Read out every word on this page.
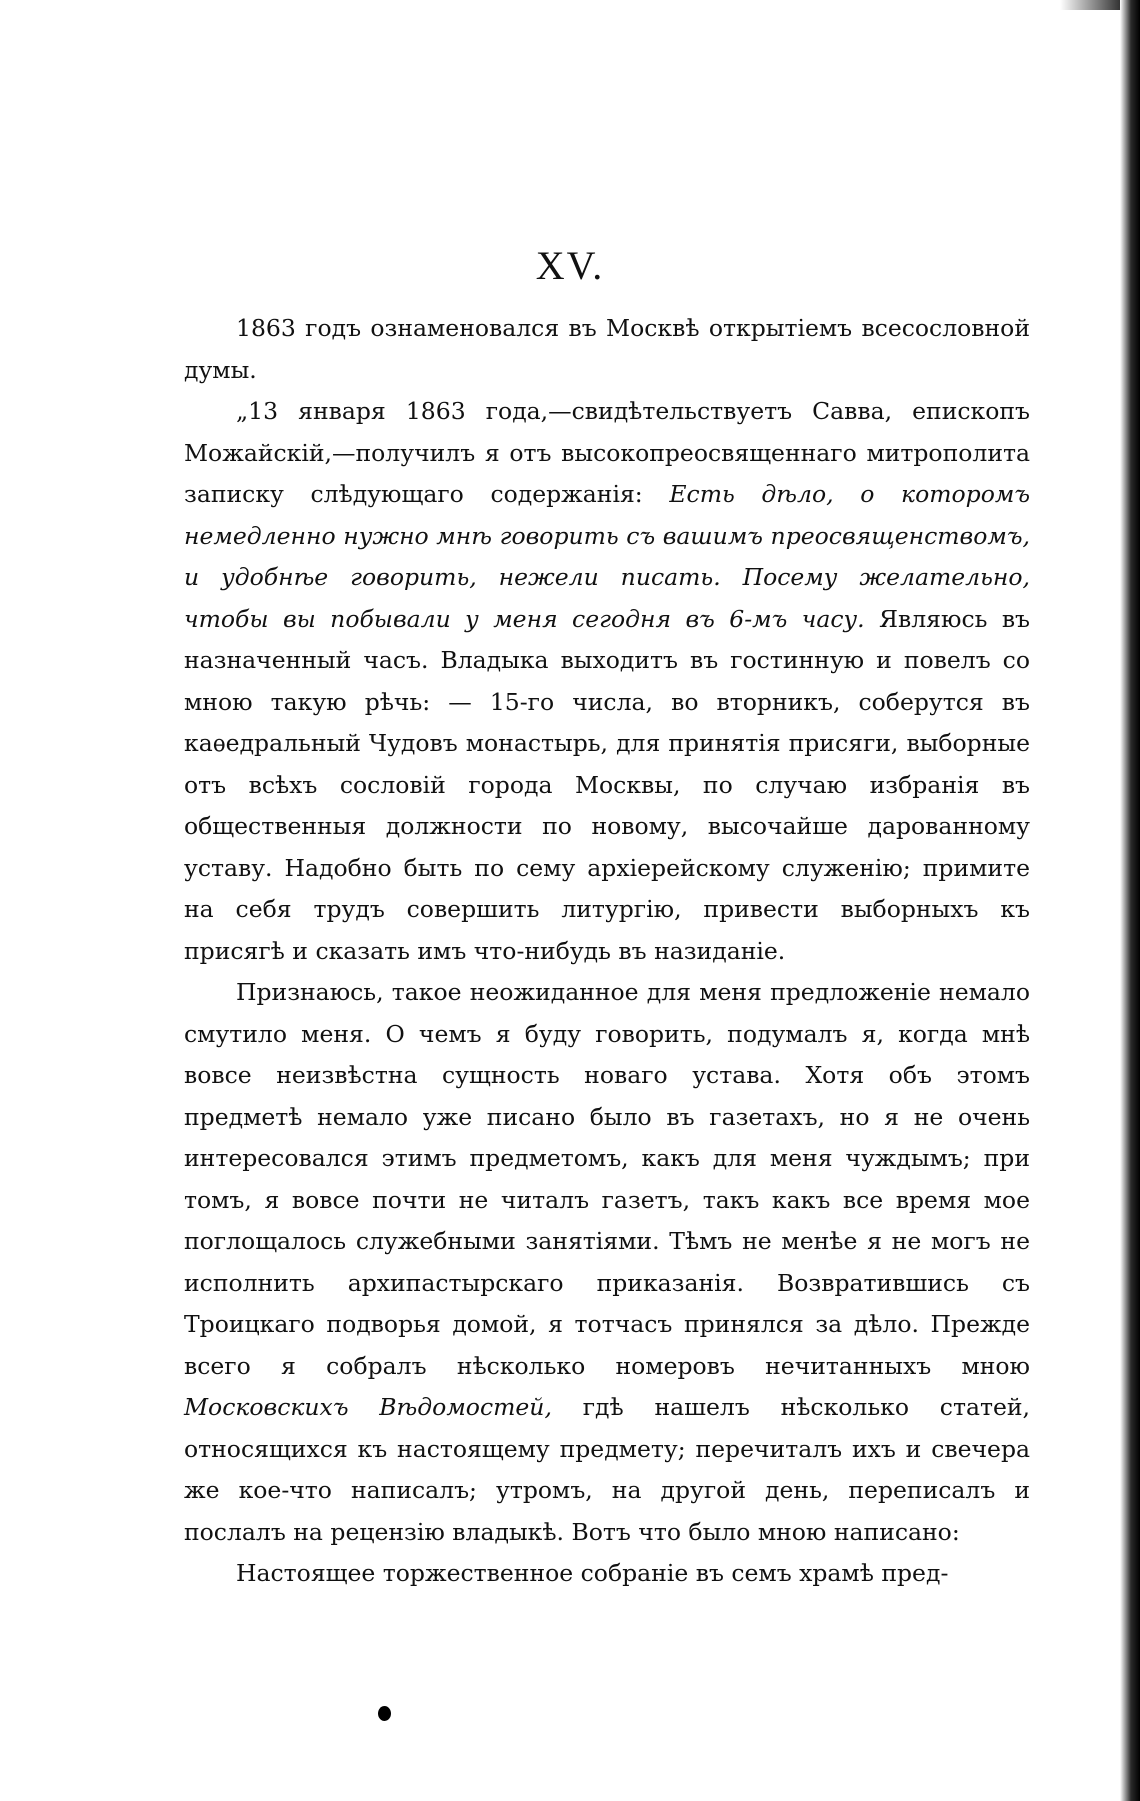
XV.

1863 годъ ознаменовался въ Москвѣ открытіемъ всесословной думы.

„13 января 1863 года,—свидѣтельствуетъ Савва, епископъ Можайскій,—получилъ я отъ высокопреосвященнаго митрополита записку слѣдующаго содержанія: Есть дѣло, о которомъ немедленно нужно мнѣ говорить съ вашимъ преосвященствомъ, и удобнѣе говорить, нежели писать. Посему желательно, чтобы вы побывали у меня сегодня въ 6-мъ часу. Являюсь въ назначенный часъ. Владыка выходитъ въ гостинную и повелъ со мною такую рѣчь: — 15-го числа, во вторникъ, соберутся въ каѳедральный Чудовъ монастырь, для принятія присяги, выборные отъ всѣхъ сословій города Москвы, по случаю избранія въ общественныя должности по новому, высочайше дарованному уставу. Надобно быть по сему архіерейскому служенію; примите на себя трудъ совершить литургію, привести выборныхъ къ присягѣ и сказать имъ что-нибудь въ назиданіе.

Признаюсь, такое неожиданное для меня предложеніе немало смутило меня. О чемъ я буду говорить, подумалъ я, когда мнѣ вовсе неизвѣстна сущность новаго устава. Хотя объ этомъ предметѣ немало уже писано было въ газетахъ, но я не очень интересовался этимъ предметомъ, какъ для меня чуждымъ; при томъ, я вовсе почти не читалъ газетъ, такъ какъ все время мое поглощалось служебными занятіями. Тѣмъ не менѣе я не могъ не исполнить архипастырскаго приказанія. Возвратившись съ Троицкаго подворья домой, я тотчасъ принялся за дѣло. Прежде всего я собралъ нѣсколько номеровъ нечитанныхъ мною Московскихъ Вѣдомостей, гдѣ нашелъ нѣсколько статей, относящихся къ настоящему предмету; перечиталъ ихъ и свечера же кое-что написалъ; утромъ, на другой день, переписалъ и послалъ на рецензію владыкѣ. Вотъ что было мною написано:

Настоящее торжественное собраніе въ семъ храмѣ пред-
